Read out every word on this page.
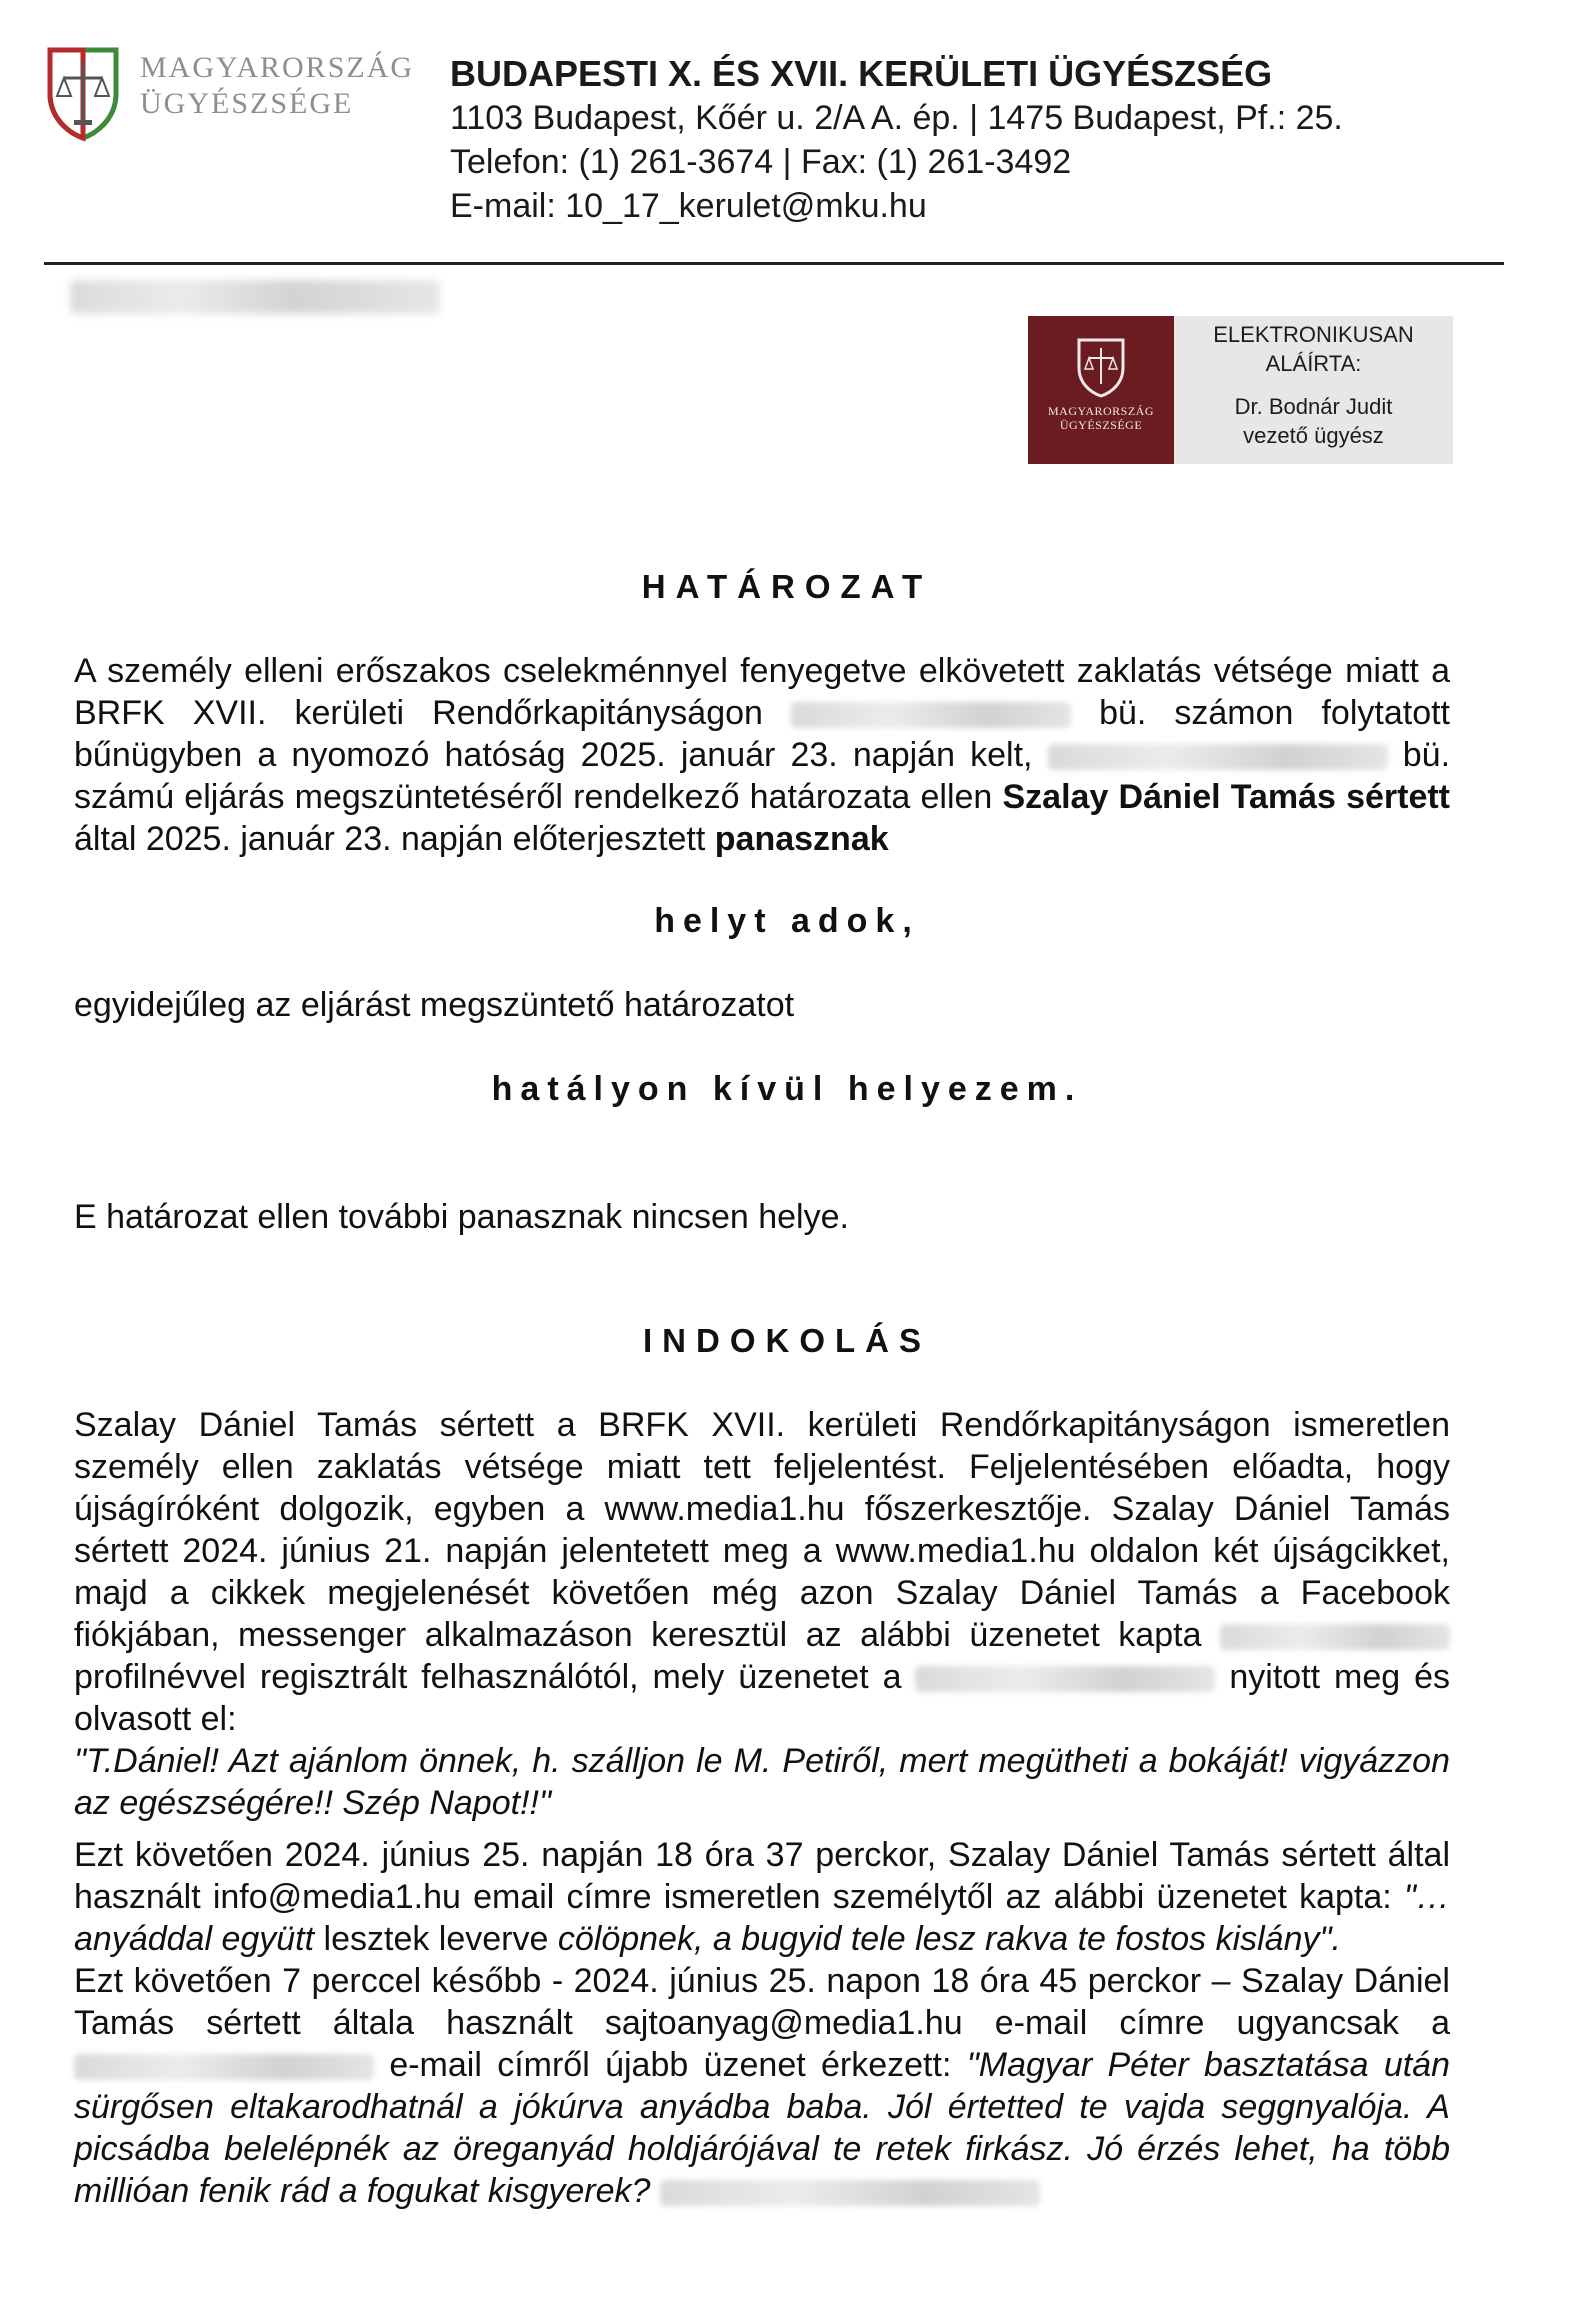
MAGYARORSZÁG
ÜGYÉSZSÉGE
BUDAPESTI X. ÉS XVII. KERÜLETI ÜGYÉSZSÉG
1103 Budapest, Kőér u. 2/A A. ép. | 1475 Budapest, Pf.: 25.
Telefon: (1) 261-3674 | Fax: (1) 261-3492
E-mail: 10_17_kerulet@mku.hu
MAGYARORSZÁG
ÜGYÉSZSÉGE
ELEKTRONIKUSAN
ALÁÍRTA:
Dr. Bodnár Judit
vezető ügyész
HATÁROZAT

A személy elleni erőszakos cselekménnyel fenyegetve elkövetett zaklatás vétsége miatt a BRFK XVII. kerületi Rendőrkapitányságon	bü. számon folytatott bűnügyben a nyomozó hatóság 2025. január 23. napján kelt,	bü. számú eljárás megszüntetéséről rendelkező határozata ellen Szalay Dániel Tamás sértett által 2025. január 23. napján előterjesztett panasznak

helyt adok,

egyidejűleg az eljárást megszüntető határozatot

hatályon kívül helyezem.

E határozat ellen további panasznak nincsen helye.

INDOKOLÁS

Szalay Dániel Tamás sértett a BRFK XVII. kerületi Rendőrkapitányságon ismeretlen személy ellen zaklatás vétsége miatt tett feljelentést. Feljelentésében előadta, hogy újságíróként dolgozik, egyben a www.media1.hu főszerkesztője. Szalay Dániel Tamás sértett 2024. június 21. napján jelentetett meg a www.media1.hu oldalon két újságcikket, majd a cikkek megjelenését követően még azon Szalay Dániel Tamás a Facebook fiókjában, messenger alkalmazáson keresztül az alábbi üzenetet kapta  profilnévvel regisztrált felhasználótól, mely üzenetet a	nyitott meg és olvasott el:

"T.Dániel! Azt ajánlom önnek, h. szálljon le M. Petiről, mert megütheti a bokáját! vigyázzon az egészségére!! Szép Napot!!"

Ezt követően 2024. június 25. napján 18 óra 37 perckor, Szalay Dániel Tamás sértett által használt info@media1.hu email címre ismeretlen személytől az alábbi üzenetet kapta: "…anyáddal együtt lesztek leverve cölöpnek, a bugyid tele lesz rakva te fostos kislány".

Ezt követően 7 perccel később - 2024. június 25. napon 18 óra 45 perckor – Szalay Dániel Tamás sértett általa használt sajtoanyag@media1.hu e-mail címre ugyancsak a  e-mail címről újabb üzenet érkezett: "Magyar Péter basztatása után sürgősen eltakarodhatnál a jókúrva anyádba baba. Jól értetted te vajda seggnyalója. A picsádba belelépnék az öreganyád holdjárójával te retek firkász. Jó érzés lehet, ha több millióan fenik rád a fogukat kisgyerek?
